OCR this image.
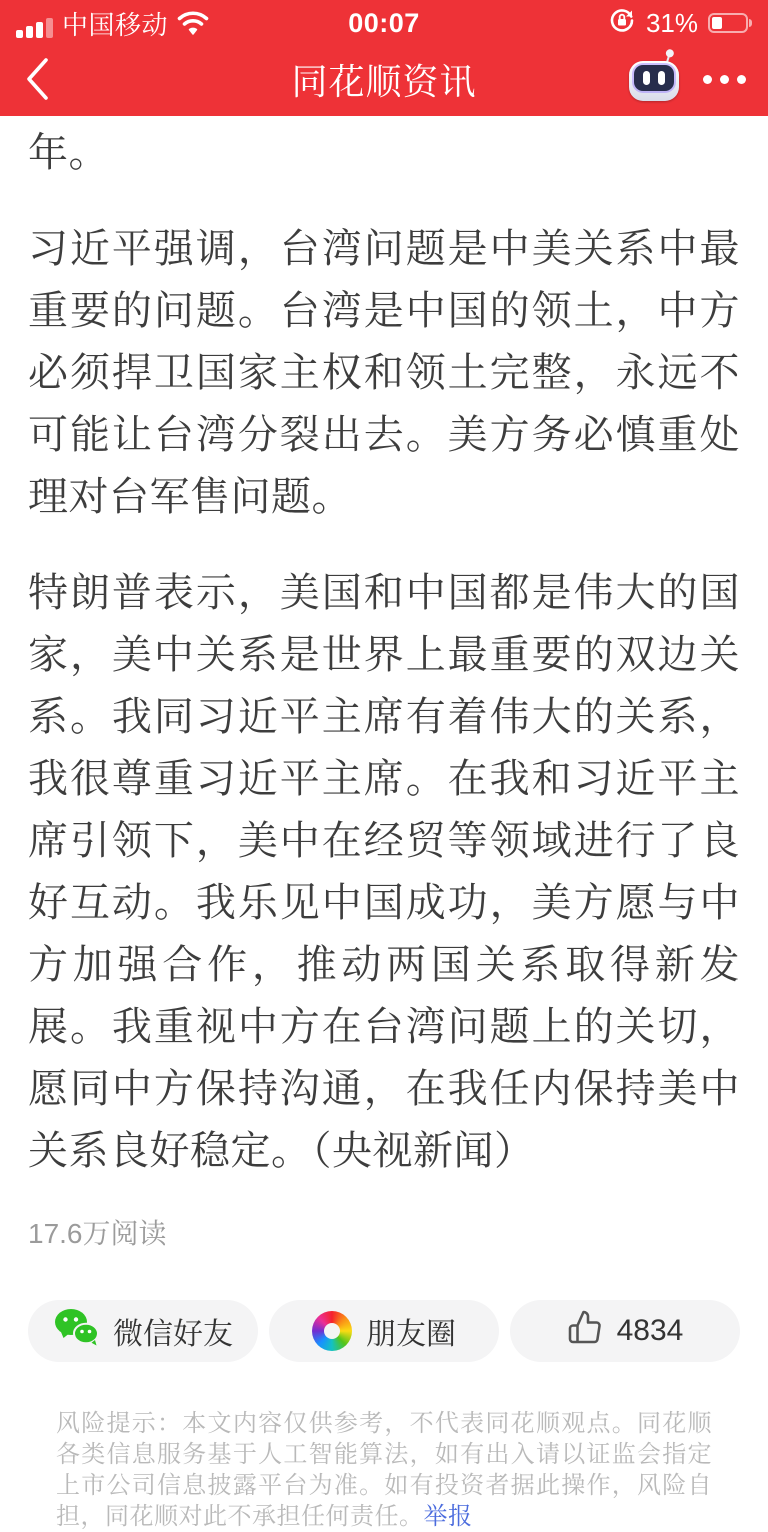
中国移动	00:07	31%
同花顺资讯

年。

习近平强调，台湾问题是中美关系中最重要的问题。台湾是中国的领土，中方必须捍卫国家主权和领土完整，永远不可能让台湾分裂出去。美方务必慎重处理对台军售问题。

特朗普表示，美国和中国都是伟大的国家，美中关系是世界上最重要的双边关系。我同习近平主席有着伟大的关系，我很尊重习近平主席。在我和习近平主席引领下，美中在经贸等领域进行了良好互动。我乐见中国成功，美方愿与中方加强合作，推动两国关系取得新发展。我重视中方在台湾问题上的关切，愿同中方保持沟通，在我任内保持美中关系良好稳定。（央视新闻）

17.6万阅读
微信好友	朋友圈	4834

风险提示：本文内容仅供参考，不代表同花顺观点。同花顺各类信息服务基于人工智能算法，如有出入请以证监会指定上市公司信息披露平台为准。如有投资者据此操作，风险自担，同花顺对此不承担任何责任。举报
